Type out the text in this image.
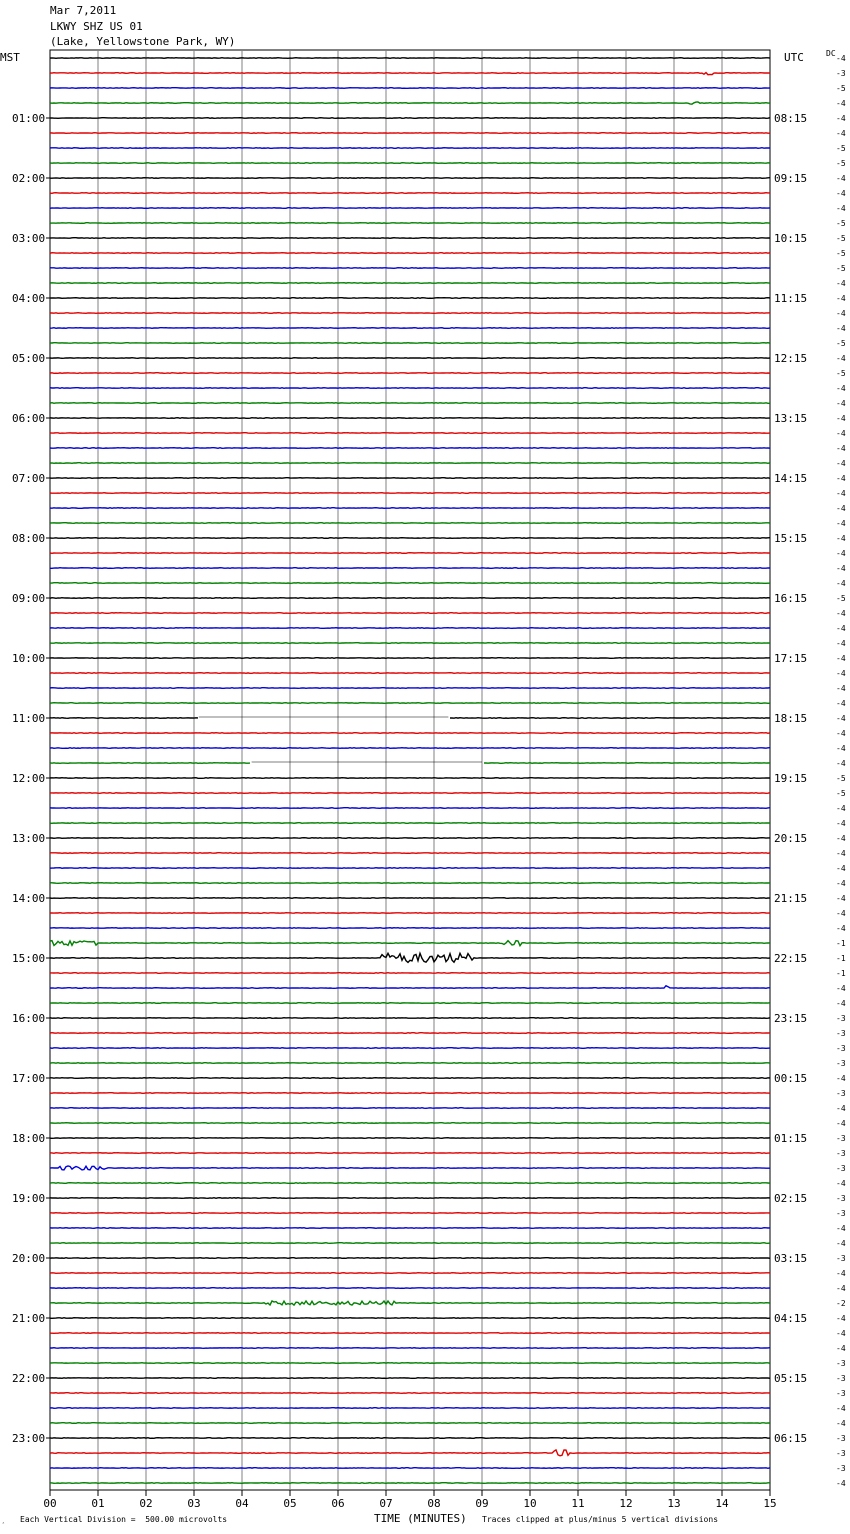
Mar 7,2011
LKWY SHZ US 01
(Lake, Yellowstone Park, WY)
01:00
02:00
03:00
04:00
05:00
06:00
07:00
08:00
09:00
10:00
11:00
12:00
13:00
14:00
15:00
16:00
17:00
18:00
19:00
20:00
21:00
22:00
23:00
08:15
09:15
10:15
11:15
12:15
13:15
14:15
15:15
16:15
17:15
18:15
19:15
20:15
21:15
22:15
23:15
00:15
01:15
02:15
03:15
04:15
05:15
06:15
-4
-3
-5
-4
-4
-4
-5
-5
-4
-4
-4
-5
-5
-5
-5
-4
-4
-4
-4
-5
-4
-5
-4
-4
-4
-4
-4
-4
-4
-4
-4
-4
-4
-4
-4
-4
-5
-4
-4
-4
-4
-4
-4
-4
-4
-4
-4
-4
-5
-5
-4
-4
-4
-4
-4
-4
-4
-4
-4
-1
-1
-1
-4
-4
-3
-3
-3
-3
-4
-3
-4
-4
-3
-3
-3
-4
-3
-3
-4
-4
-3
-4
-4
-2
-4
-4
-4
-3
-3
-3
-4
-4
-3
-3
-3
-4
00	01	02	03	04	05	06	07	08	09	10	11	12	13	14	15
MST	UTC	DC
˰ Each Vertical Division =  500.00 microvolts	TIME (MINUTES) Traces clipped at plus/minus 5 vertical divisions
